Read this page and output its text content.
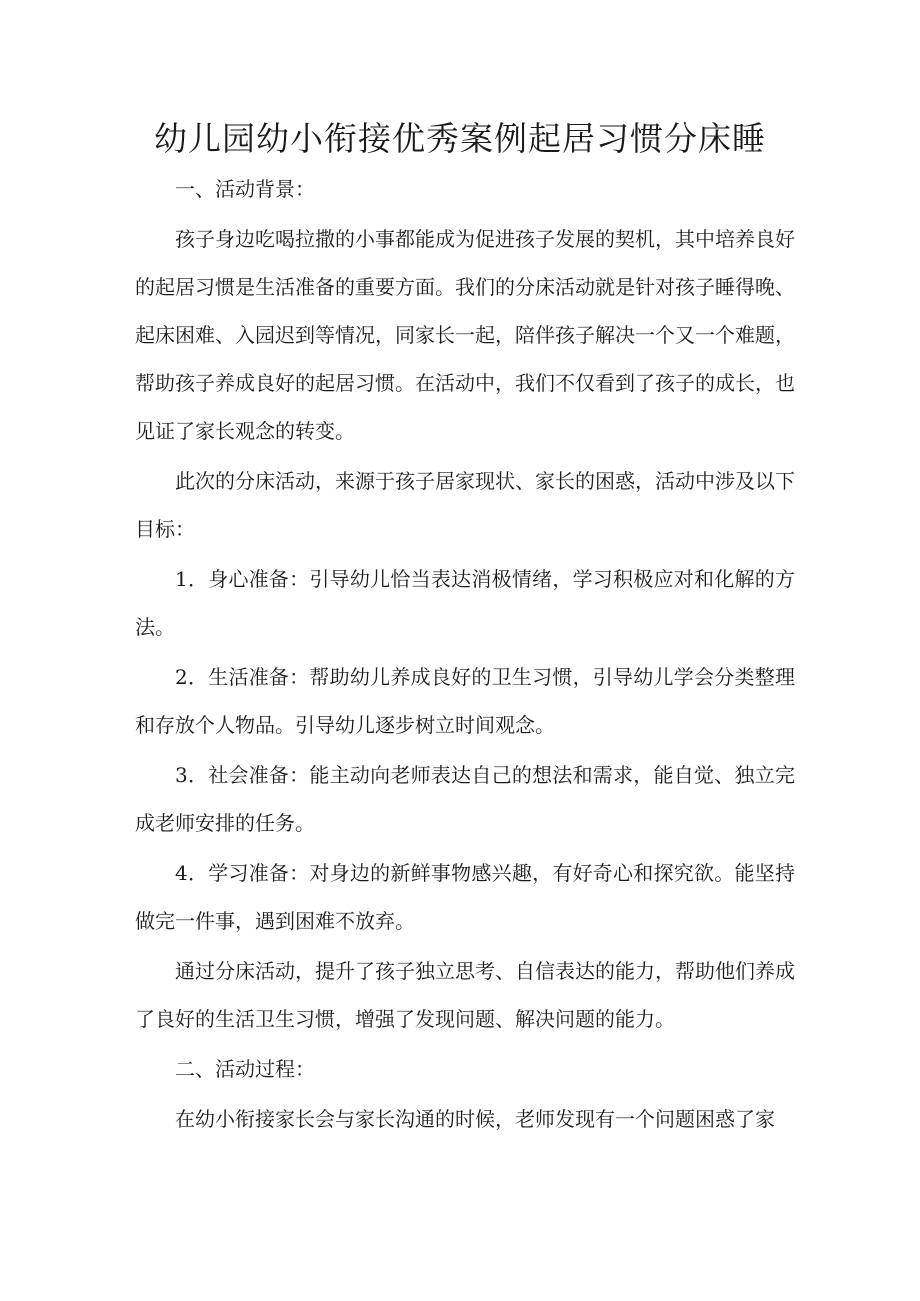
幼儿园幼小衔接优秀案例起居习惯分床睡

一、活动背景：

孩子身边吃喝拉撒的小事都能成为促进孩子发展的契机，其中培养良好的起居习惯是生活准备的重要方面。我们的分床活动就是针对孩子睡得晚、起床困难、入园迟到等情况，同家长一起，陪伴孩子解决一个又一个难题，帮助孩子养成良好的起居习惯。在活动中，我们不仅看到了孩子的成长，也见证了家长观念的转变。

此次的分床活动，来源于孩子居家现状、家长的困惑，活动中涉及以下目标：

1．身心准备：引导幼儿恰当表达消极情绪，学习积极应对和化解的方法。

2．生活准备：帮助幼儿养成良好的卫生习惯，引导幼儿学会分类整理和存放个人物品。引导幼儿逐步树立时间观念。

3．社会准备：能主动向老师表达自己的想法和需求，能自觉、独立完成老师安排的任务。

4．学习准备：对身边的新鲜事物感兴趣，有好奇心和探究欲。能坚持做完一件事，遇到困难不放弃。

通过分床活动，提升了孩子独立思考、自信表达的能力，帮助他们养成了良好的生活卫生习惯，增强了发现问题、解决问题的能力。

二、活动过程：

在幼小衔接家长会与家长沟通的时候，老师发现有一个问题困惑了家
